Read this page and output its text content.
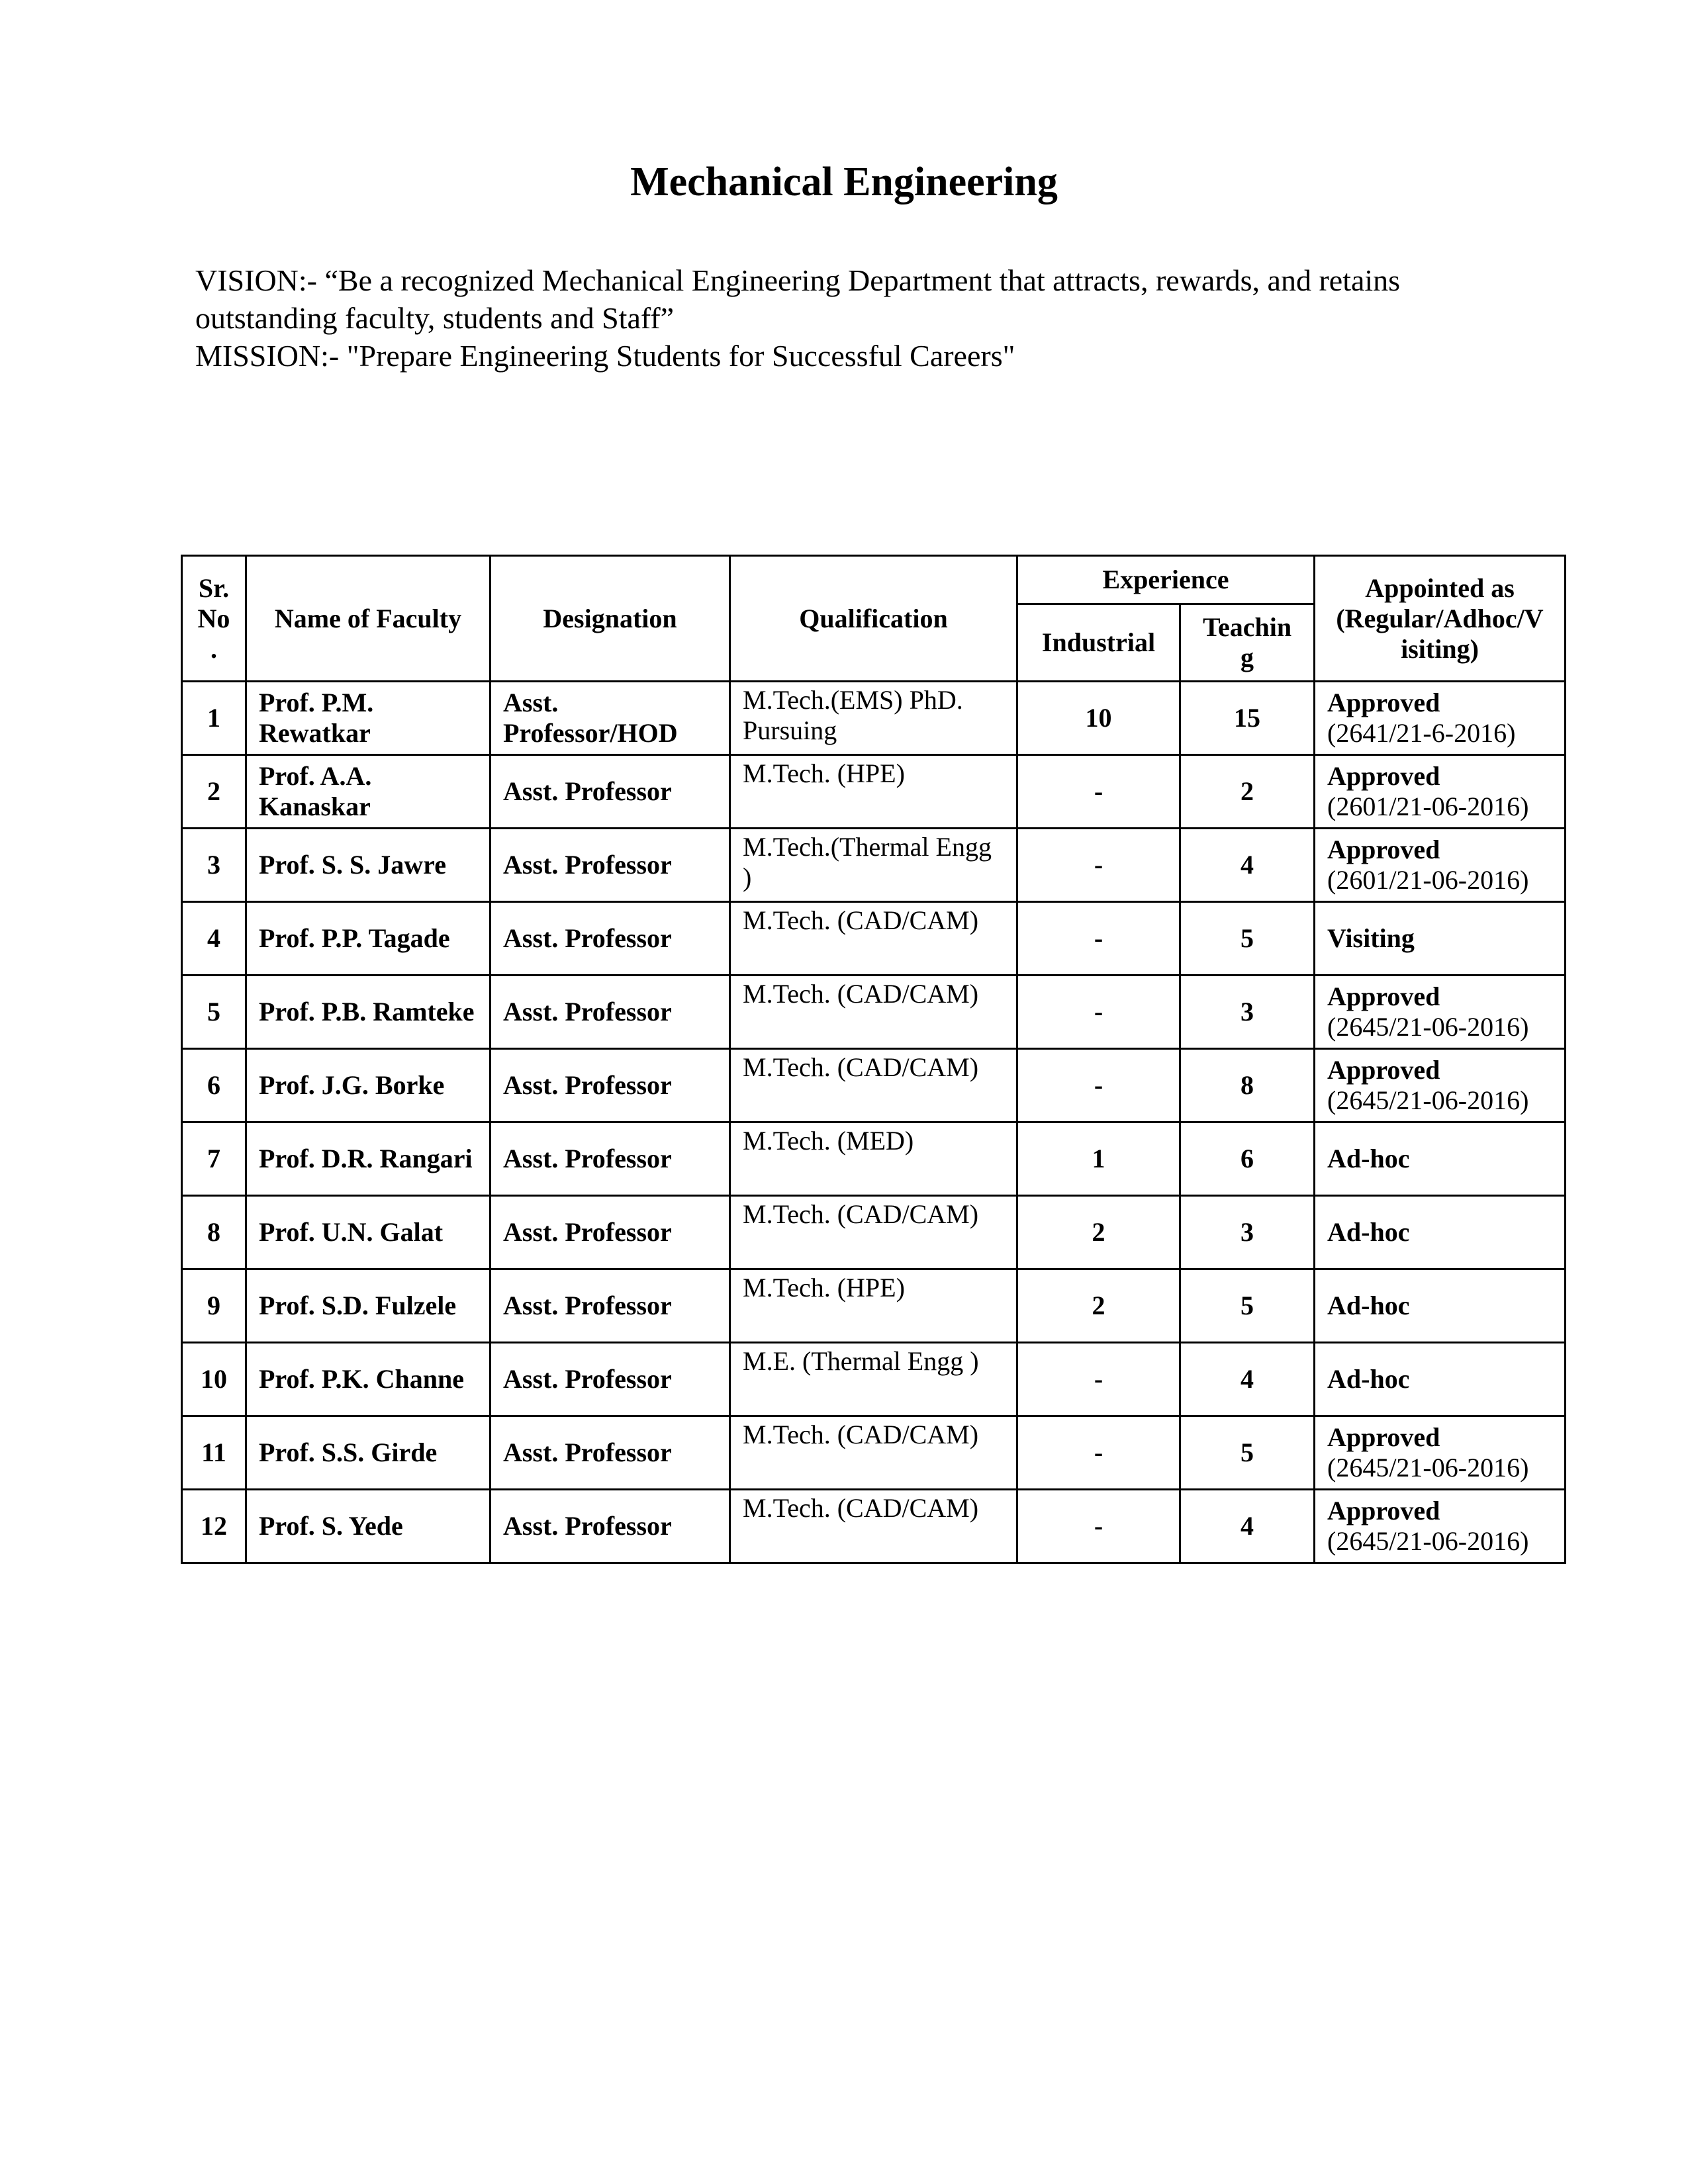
Mechanical Engineering

VISION:- “Be a recognized Mechanical Engineering Department that attracts, rewards, and retains outstanding faculty, students and Staff”

MISSION:- "Prepare Engineering Students for Successful Careers"

Sr. No .	Name of Faculty	Designation	Qualification	Experience		Appointed as (Regular/Adhoc/V isiting)
				Industrial	Teachin g	
1	Prof. P.M. Rewatkar	Asst. Professor/HOD	M.Tech.(EMS) PhD. Pursuing	10	15	Approved
(2641/21-6-2016)

2	Prof. A.A. Kanaskar	Asst. Professor	M.Tech. (HPE)	-	2	Approved
(2601/21-06-2016)

3	Prof. S. S. Jawre	Asst. Professor	M.Tech.(Thermal Engg )	-	4	Approved
(2601/21-06-2016)

4	Prof. P.P. Tagade	Asst. Professor	M.Tech. (CAD/CAM)	-	5	Visiting

5	Prof. P.B. Ramteke	Asst. Professor	M.Tech. (CAD/CAM)	-	3	Approved
(2645/21-06-2016)

6	Prof. J.G. Borke	Asst. Professor	M.Tech. (CAD/CAM)	-	8	Approved
(2645/21-06-2016)

7	Prof. D.R. Rangari	Asst. Professor	M.Tech. (MED)	1	6	Ad-hoc

8	Prof. U.N. Galat	Asst. Professor	M.Tech. (CAD/CAM)	2	3	Ad-hoc

9	Prof. S.D. Fulzele	Asst. Professor	M.Tech. (HPE)	2	5	Ad-hoc

10	Prof. P.K. Channe	Asst. Professor	M.E. (Thermal Engg )	-	4	Ad-hoc

11	Prof. S.S. Girde	Asst. Professor	M.Tech. (CAD/CAM)	-	5	Approved
(2645/21-06-2016)

12	Prof. S. Yede	Asst. Professor	M.Tech. (CAD/CAM)	-	4	Approved
(2645/21-06-2016)
